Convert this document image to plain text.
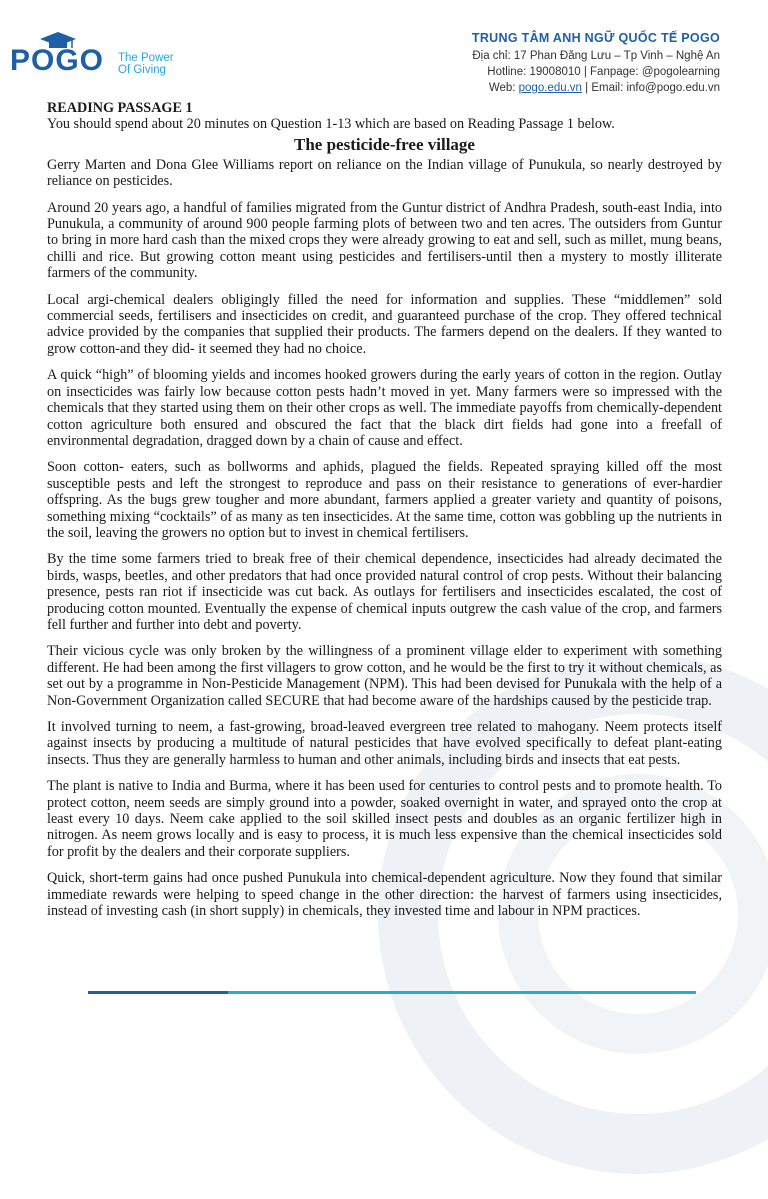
POGO The Power
Of Giving
TRUNG TÂM ANH NGỮ QUỐC TẾ POGO
Địa chỉ: 17 Phan Đăng Lưu – Tp Vinh – Nghệ An
Hotline: 19008010 | Fanpage: @pogolearning
Web: pogo.edu.vn | Email: info@pogo.edu.vn

READING PASSAGE 1

You should spend about 20 minutes on Question 1-13 which are based on Reading Passage 1 below.

The pesticide-free village

Gerry Marten and Dona Glee Williams report on reliance on the Indian village of Punukula, so nearly destroyed by reliance on pesticides.

Around 20 years ago, a handful of families migrated from the Guntur district of Andhra Pradesh, south-east India, into Punukula, a community of around 900 people farming plots of between two and ten acres. The outsiders from Guntur to bring in more hard cash than the mixed crops they were already growing to eat and sell, such as millet, mung beans, chilli and rice. But growing cotton meant using pesticides and fertilisers-until then a mystery to mostly illiterate farmers of the community.

Local argi-chemical dealers obligingly filled the need for information and supplies. These “middlemen” sold commercial seeds, fertilisers and insecticides on credit, and guaranteed purchase of the crop. They offered technical advice provided by the companies that supplied their products. The farmers depend on the dealers. If they wanted to grow cotton-and they did- it seemed they had no choice.

A quick “high” of blooming yields and incomes hooked growers during the early years of cotton in the region. Outlay on insecticides was fairly low because cotton pests hadn’t moved in yet. Many farmers were so impressed with the chemicals that they started using them on their other crops as well. The immediate payoffs from chemically-dependent cotton agriculture both ensured and obscured the fact that the black dirt fields had gone into a freefall of environmental degradation, dragged down by a chain of cause and effect.

Soon cotton- eaters, such as bollworms and aphids, plagued the fields. Repeated spraying killed off the most susceptible pests and left the strongest to reproduce and pass on their resistance to generations of ever-hardier offspring. As the bugs grew tougher and more abundant, farmers applied a greater variety and quantity of poisons, something mixing “cocktails” of as many as ten insecticides. At the same time, cotton was gobbling up the nutrients in the soil, leaving the growers no option but to invest in chemical fertilisers.

By the time some farmers tried to break free of their chemical dependence, insecticides had already decimated the birds, wasps, beetles, and other predators that had once provided natural control of crop pests. Without their balancing presence, pests ran riot if insecticide was cut back. As outlays for fertilisers and insecticides escalated, the cost of producing cotton mounted. Eventually the expense of chemical inputs outgrew the cash value of the crop, and farmers fell further and further into debt and poverty.

Their vicious cycle was only broken by the willingness of a prominent village elder to experiment with something different. He had been among the first villagers to grow cotton, and he would be the first to try it without chemicals, as set out by a programme in Non-Pesticide Management (NPM). This had been devised for Punukala with the help of a Non-Government Organization called SECURE that had become aware of the hardships caused by the pesticide trap.

It involved turning to neem, a fast-growing, broad-leaved evergreen tree related to mahogany. Neem protects itself against insects by producing a multitude of natural pesticides that have evolved specifically to defeat plant-eating insects. Thus they are generally harmless to human and other animals, including birds and insects that eat pests.

The plant is native to India and Burma, where it has been used for centuries to control pests and to promote health. To protect cotton, neem seeds are simply ground into a powder, soaked overnight in water, and sprayed onto the crop at least every 10 days. Neem cake applied to the soil skilled insect pests and doubles as an organic fertilizer high in nitrogen. As neem grows locally and is easy to process, it is much less expensive than the chemical insecticides sold for profit by the dealers and their corporate suppliers.

Quick, short-term gains had once pushed Punukula into chemical-dependent agriculture. Now they found that similar immediate rewards were helping to speed change in the other direction: the harvest of farmers using insecticides, instead of investing cash (in short supply) in chemicals, they invested time and labour in NPM practices.
